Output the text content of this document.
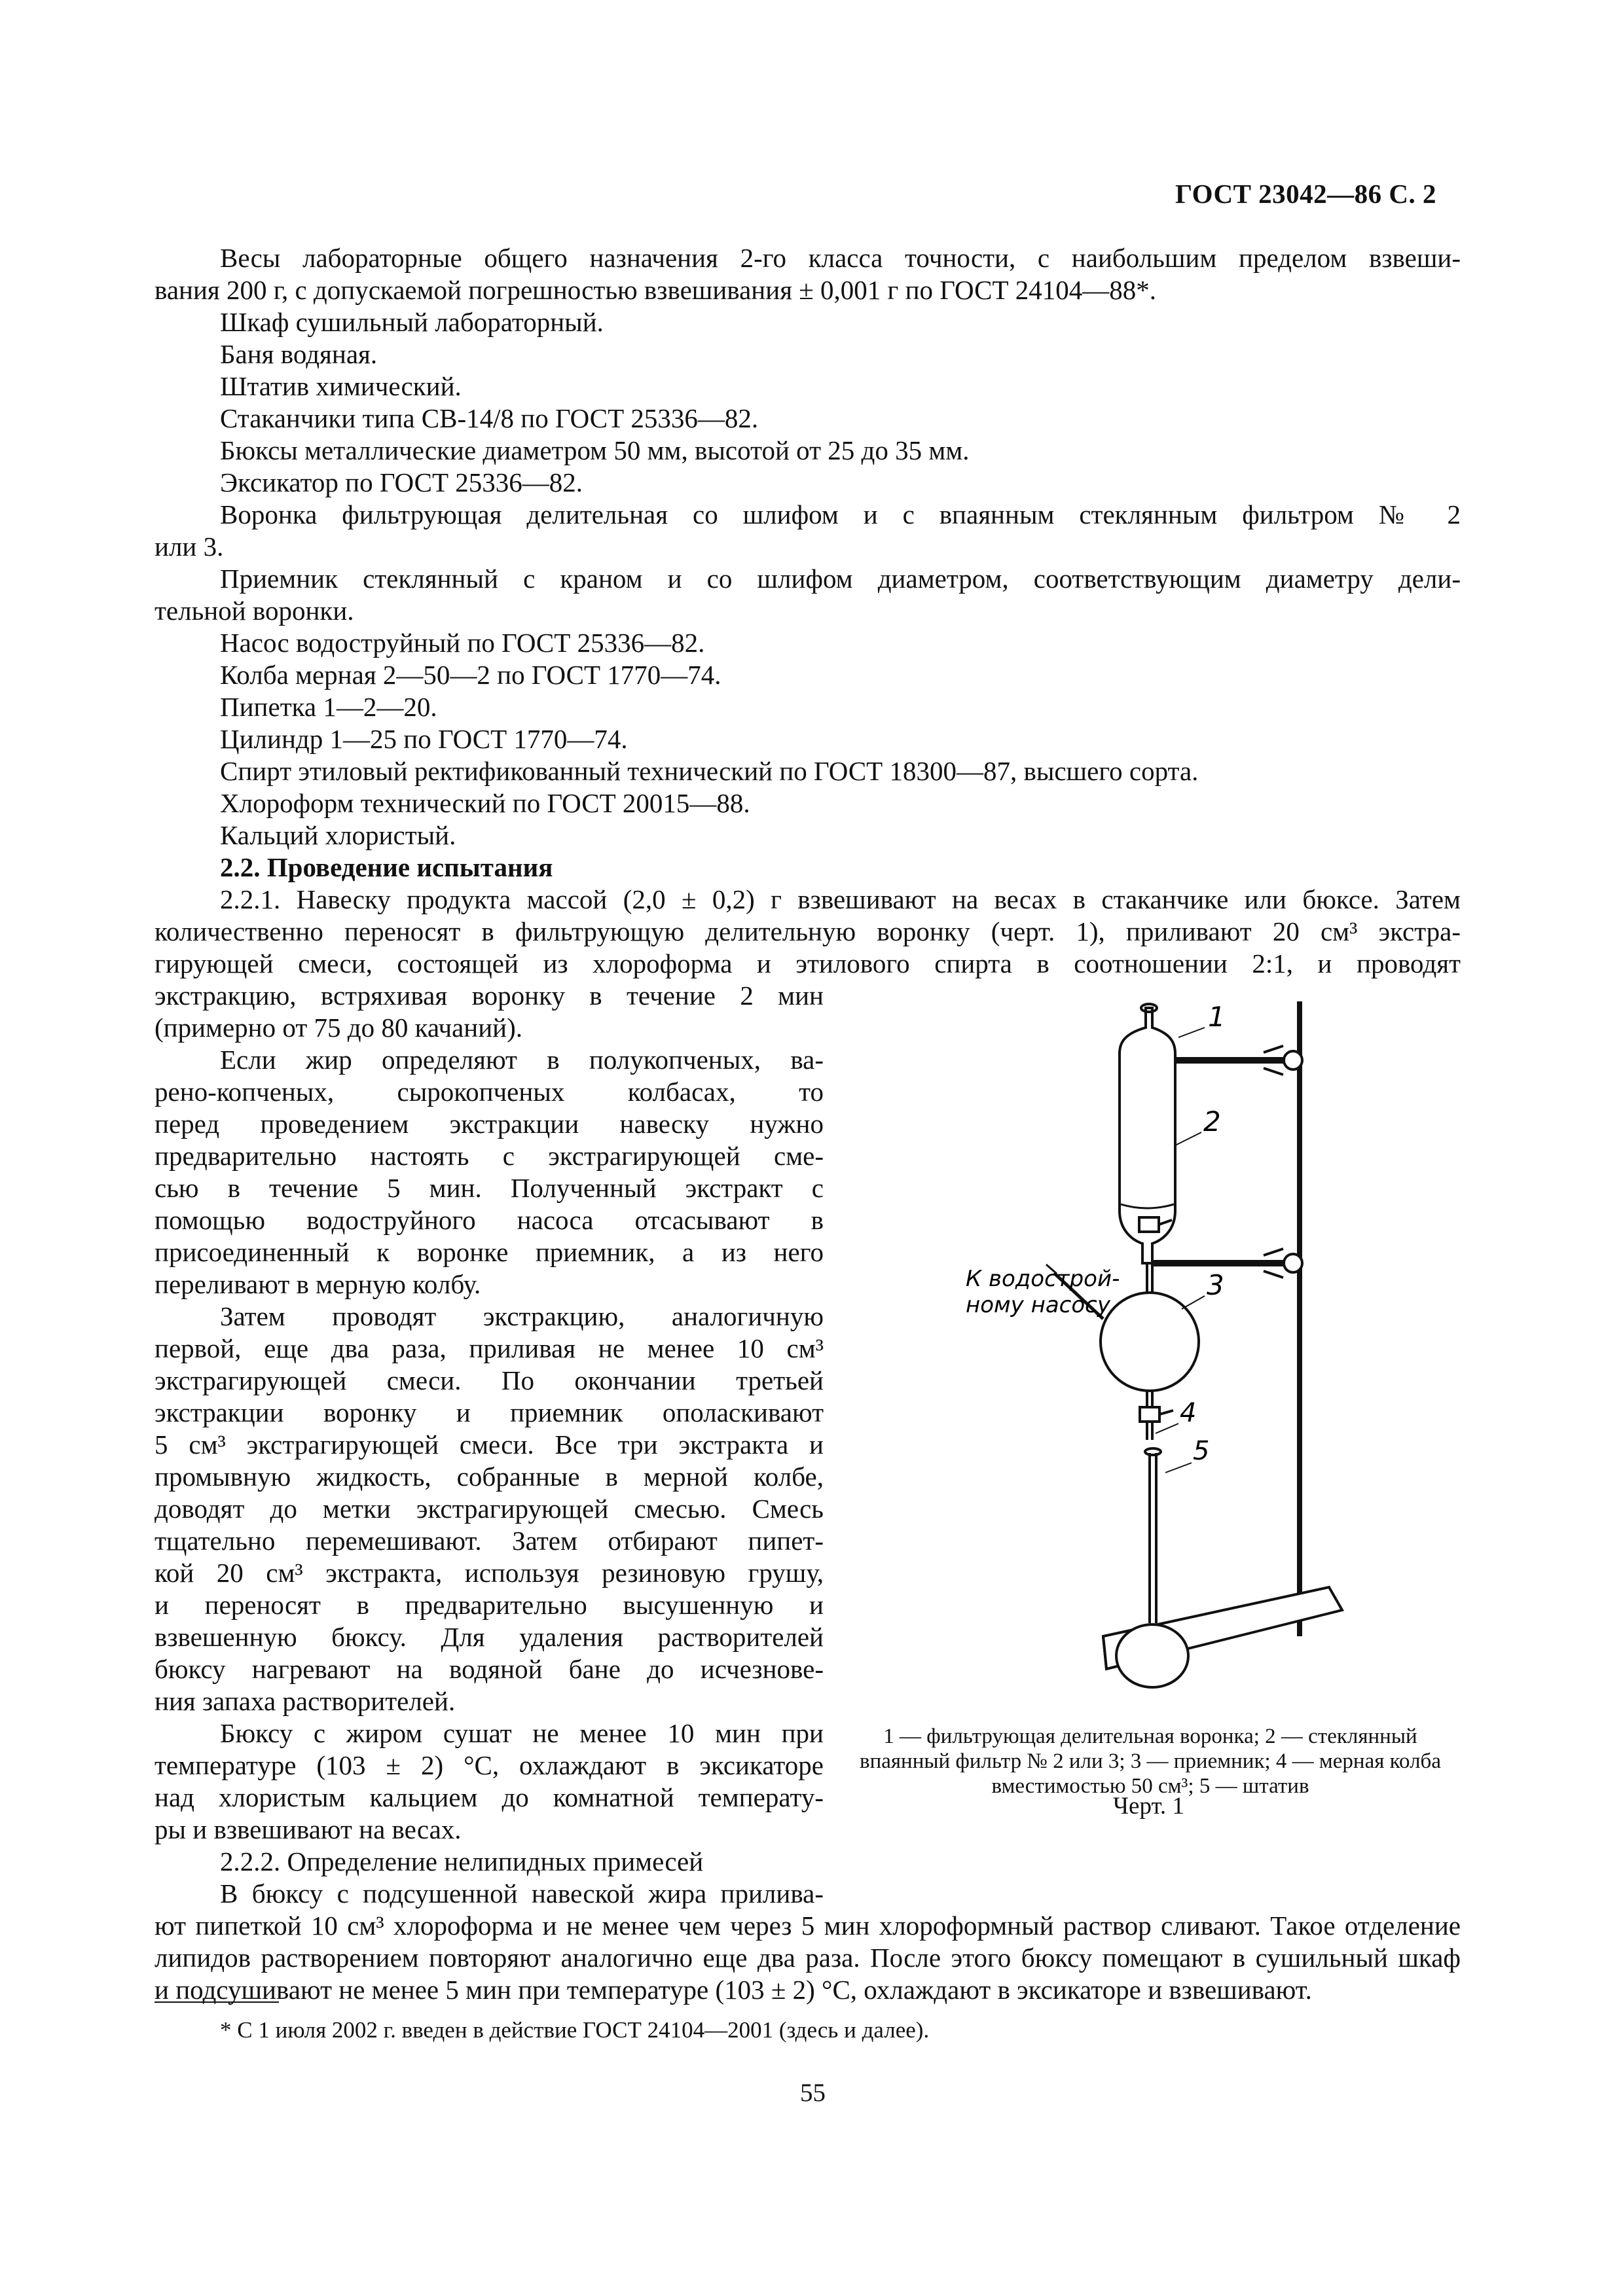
ГОСТ 23042—86 С. 2
Весы лабораторные общего назначения 2-го класса точности, с наибольшим пределом взвеши-
вания 200 г, с допускаемой погрешностью взвешивания ± 0,001 г по ГОСТ 24104—88*.
Шкаф сушильный лабораторный.
Баня водяная.
Штатив химический.
Стаканчики типа СВ-14/8 по ГОСТ 25336—82.
Бюксы металлические диаметром 50 мм, высотой от 25 до 35 мм.
Эксикатор по ГОСТ 25336—82.
Воронка фильтрующая делительная со шлифом и с впаянным стеклянным фильтром № 2
или 3.
Приемник стеклянный с краном и со шлифом диаметром, соответствующим диаметру дели-
тельной воронки.
Насос водоструйный по ГОСТ 25336—82.
Колба мерная 2—50—2 по ГОСТ 1770—74.
Пипетка 1—2—20.
Цилиндр 1—25 по ГОСТ 1770—74.
Спирт этиловый ректификованный технический по ГОСТ 18300—87, высшего сорта.
Хлороформ технический по ГОСТ 20015—88.
Кальций хлористый.
2.2. Проведение испытания
2.2.1. Навеску продукта массой (2,0 ± 0,2) г взвешивают на весах в стаканчике или бюксе. Затем
количественно переносят в фильтрующую делительную воронку (черт. 1), приливают 20 см³ экстра-
гирующей смеси, состоящей из хлороформа и этилового спирта в соотношении 2:1, и проводят
экстракцию, встряхивая воронку в течение 2 мин
(примерно от 75 до 80 качаний).
Если жир определяют в полукопченых, ва-
рено-копченых, сырокопченых колбасах, то
перед проведением экстракции навеску нужно
предварительно настоять с экстрагирующей сме-
сью в течение 5 мин. Полученный экстракт с
помощью водоструйного насоса отсасывают в
присоединенный к воронке приемник, а из него
переливают в мерную колбу.
Затем проводят экстракцию, аналогичную
первой, еще два раза, приливая не менее 10 см³
экстрагирующей смеси. По окончании третьей
экстракции воронку и приемник ополаскивают
5 см³ экстрагирующей смеси. Все три экстракта и
промывную жидкость, собранные в мерной колбе,
доводят до метки экстрагирующей смесью. Смесь
тщательно перемешивают. Затем отбирают пипет-
кой 20 см³ экстракта, используя резиновую грушу,
и переносят в предварительно высушенную и
взвешенную бюксу. Для удаления растворителей
бюксу нагревают на водяной бане до исчезнове-
ния запаха растворителей.
Бюксу с жиром сушат не менее 10 мин при
температуре (103 ± 2) °С, охлаждают в эксикаторе
над хлористым кальцием до комнатной температу-
ры и взвешивают на весах.
2.2.2. Определение нелипидных примесей
В бюксу с подсушенной навеской жира прилива-
ют пипеткой 10 см³ хлороформа и не менее чем через 5 мин хлороформный раствор сливают. Такое отделение
липидов растворением повторяют аналогично еще два раза. После этого бюксу помещают в сушильный шкаф
и подсушивают не менее 5 мин при температуре (103 ± 2) °С, охлаждают в эксикаторе и взвешивают.
1
2
3
4
5
К водострой-
ному насосу
1 — фильтрующая делительная воронка; 2 — стеклянный впаянный фильтр № 2 или 3; 3 — приемник; 4 — мерная колба вместимостью 50 см³; 5 — штатив
Черт. 1
* С 1 июля 2002 г. введен в действие ГОСТ 24104—2001 (здесь и далее).
55
